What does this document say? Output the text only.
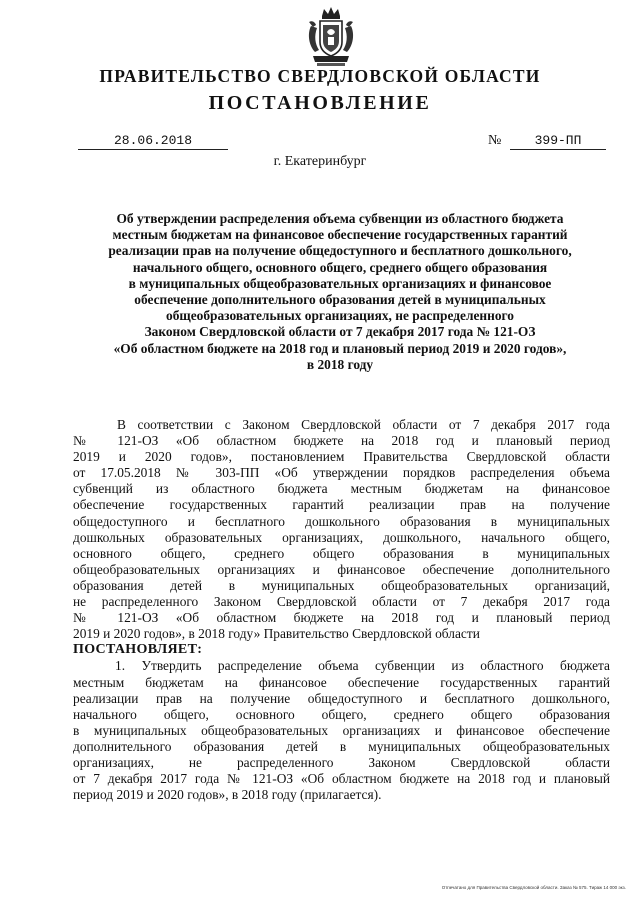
ПРАВИТЕЛЬСТВО СВЕРДЛОВСКОЙ ОБЛАСТИ
ПОСТАНОВЛЕНИЕ
28.06.2018	№	399-ПП
г. Екатеринбург
Об утверждении распределения объема субвенции из областного бюджета
местным бюджетам на финансовое обеспечение государственных гарантий
реализации прав на получение общедоступного и бесплатного дошкольного,
начального общего, основного общего, среднего общего образования
в муниципальных общеобразовательных организациях и финансовое
обеспечение дополнительного образования детей в муниципальных
общеобразовательных организациях, не распределенного
Законом Свердловской области от 7 декабря 2017 года № 121-ОЗ
«Об областном бюджете на 2018 год и плановый период 2019 и 2020 годов»,
в 2018 году
В соответствии с Законом Свердловской области от 7 декабря 2017 года
№ 121-ОЗ «Об областном бюджете на 2018 год и плановый период
2019 и 2020 годов», постановлением Правительства Свердловской области
от 17.05.2018 № 303-ПП «Об утверждении порядков распределения объема
субвенций из областного бюджета местным бюджетам на финансовое
обеспечение государственных гарантий реализации прав на получение
общедоступного и бесплатного дошкольного образования в муниципальных
дошкольных образовательных организациях, дошкольного, начального общего,
основного общего, среднего общего образования в муниципальных
общеобразовательных организациях и финансовое обеспечение дополнительного
образования детей в муниципальных общеобразовательных организаций,
не распределенного Законом Свердловской области от 7 декабря 2017 года
№ 121-ОЗ «Об областном бюджете на 2018 год и плановый период
2019 и 2020 годов», в 2018 году» Правительство Свердловской области
ПОСТАНОВЛЯЕТ:
1. Утвердить распределение объема субвенции из областного бюджета
местным бюджетам на финансовое обеспечение государственных гарантий
реализации прав на получение общедоступного и бесплатного дошкольного,
начального общего, основного общего, среднего общего образования
в муниципальных общеобразовательных организациях и финансовое обеспечение
дополнительного образования детей в муниципальных общеобразовательных
организациях, не распределенного Законом Свердловской области
от 7 декабря 2017 года № 121-ОЗ «Об областном бюджете на 2018 год и плановый
период 2019 и 2020 годов», в 2018 году (прилагается).
Отпечатано для Правительства Свердловской области. Заказ № 575. Тираж 14 000 экз.
